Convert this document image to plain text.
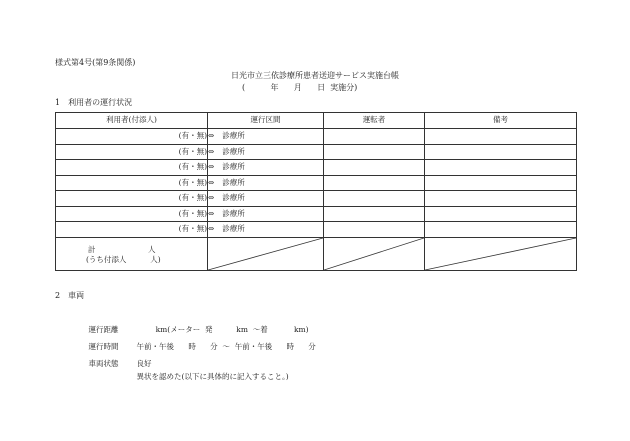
様式第4号(第9条関係)
日光市立三依診療所患者送迎サービス実施台帳
(          年      月      日  実施分)
1　利用者の運行状況
利用者(付添人)	運行区間	運転者	備考
(有・無)	⇔ 診療所		
(有・無)	⇔ 診療所		
(有・無)	⇔ 診療所		
(有・無)	⇔ 診療所		
(有・無)	⇔ 診療所		
(有・無)	⇔ 診療所		
(有・無)	⇔ 診療所		

計                      人
(うち付添人          人)

2　車両

運行距離        km(メーター  発          km  ～着           km)

運行時間 午前・午後      時      分  ～  午前・午後      時      分

車両状態 良好

異状を認めた(以下に具体的に記入すること。)
